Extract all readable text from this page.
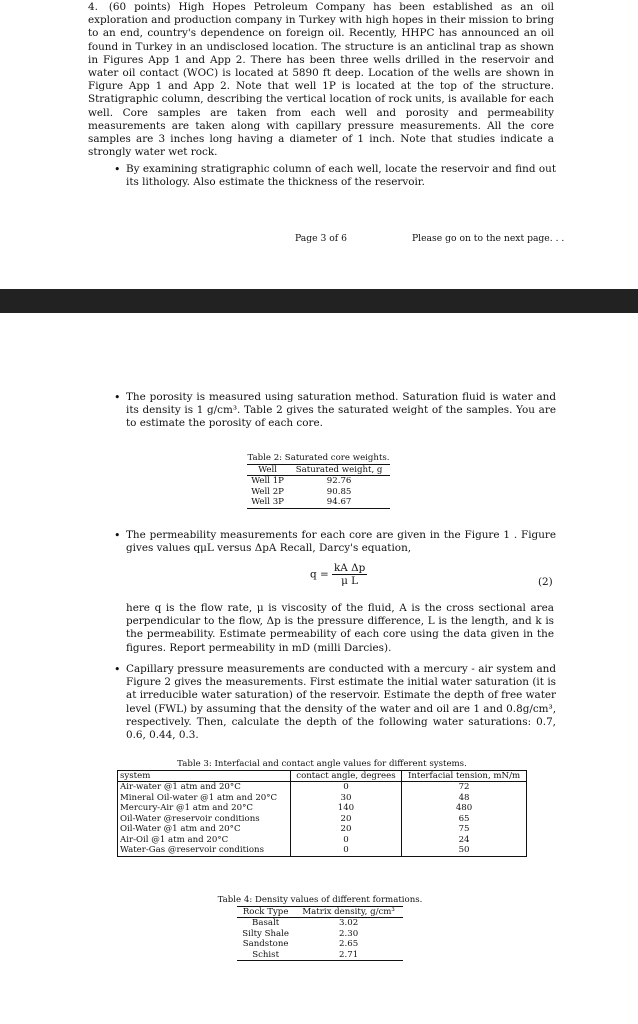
4. (60 points) High Hopes Petroleum Company has been established as an oil exploration and production company in Turkey with high hopes in their mission to bring to an end, country's dependence on foreign oil. Recently, HHPC has announced an oil found in Turkey in an undisclosed location. The structure is an anticlinal trap as shown in Figures App 1 and App 2. There has been three wells drilled in the reservoir and water oil contact (WOC) is located at 5890 ft deep. Location of the wells are shown in Figure App 1 and App 2. Note that well 1P is located at the top of the structure. Stratigraphic column, describing the vertical location of rock units, is available for each well. Core samples are taken from each well and porosity and permeability measurements are taken along with capillary pressure measurements. All the core samples are 3 inches long having a diameter of 1 inch. Note that studies indicate a strongly water wet rock.
• By examining stratigraphic column of each well, locate the reservoir and find out its lithology. Also estimate the thickness of the reservoir.
Page 3 of 6	Please go on to the next page. . .
• The porosity is measured using saturation method. Saturation fluid is water and its density is 1 g/cm³. Table 2 gives the saturated weight of the samples. You are to estimate the porosity of each core.
Table 2: Saturated core weights.
Well	Saturated weight, g
Well 1P	92.76
Well 2P	90.85
Well 3P	94.67
• The permeability measurements for each core are given in the Figure 1 . Figure gives values qμL versus ΔpA Recall, Darcy's equation,
$q = \frac{\text{kA Δp}}{\text{μ L}}$	(2)
here q is the flow rate, μ is viscosity of the fluid, A is the cross sectional area perpendicular to the flow, Δp is the pressure difference, L is the length, and k is the permeability. Estimate permeability of each core using the data given in the figures. Report permeability in mD (milli Darcies).
• Capillary pressure measurements are conducted with a mercury - air system and Figure 2 gives the measurements. First estimate the initial water saturation (it is at irreducible water saturation) of the reservoir. Estimate the depth of free water level (FWL) by assuming that the density of the water and oil are 1 and 0.8g/cm³, respectively. Then, calculate the depth of the following water saturations: 0.7, 0.6, 0.44, 0.3.
Table 3: Interfacial and contact angle values for different systems.
system	contact angle, degrees	Interfacial tension, mN/m
Air-water @1 atm and 20°C	0	72
Mineral Oil-water @1 atm and 20°C	30	48
Mercury-Air @1 atm and 20°C	140	480
Oil-Water @reservoir conditions	20	65
Oil-Water @1 atm and 20°C	20	75
Air-Oil @1 atm and 20°C	0	24
Water-Gas @reservoir conditions	0	50
Table 4: Density values of different formations.
Rock Type	Matrix density, g/cm³
Basalt	3.02
Silty Shale	2.30
Sandstone	2.65
Schist	2.71
